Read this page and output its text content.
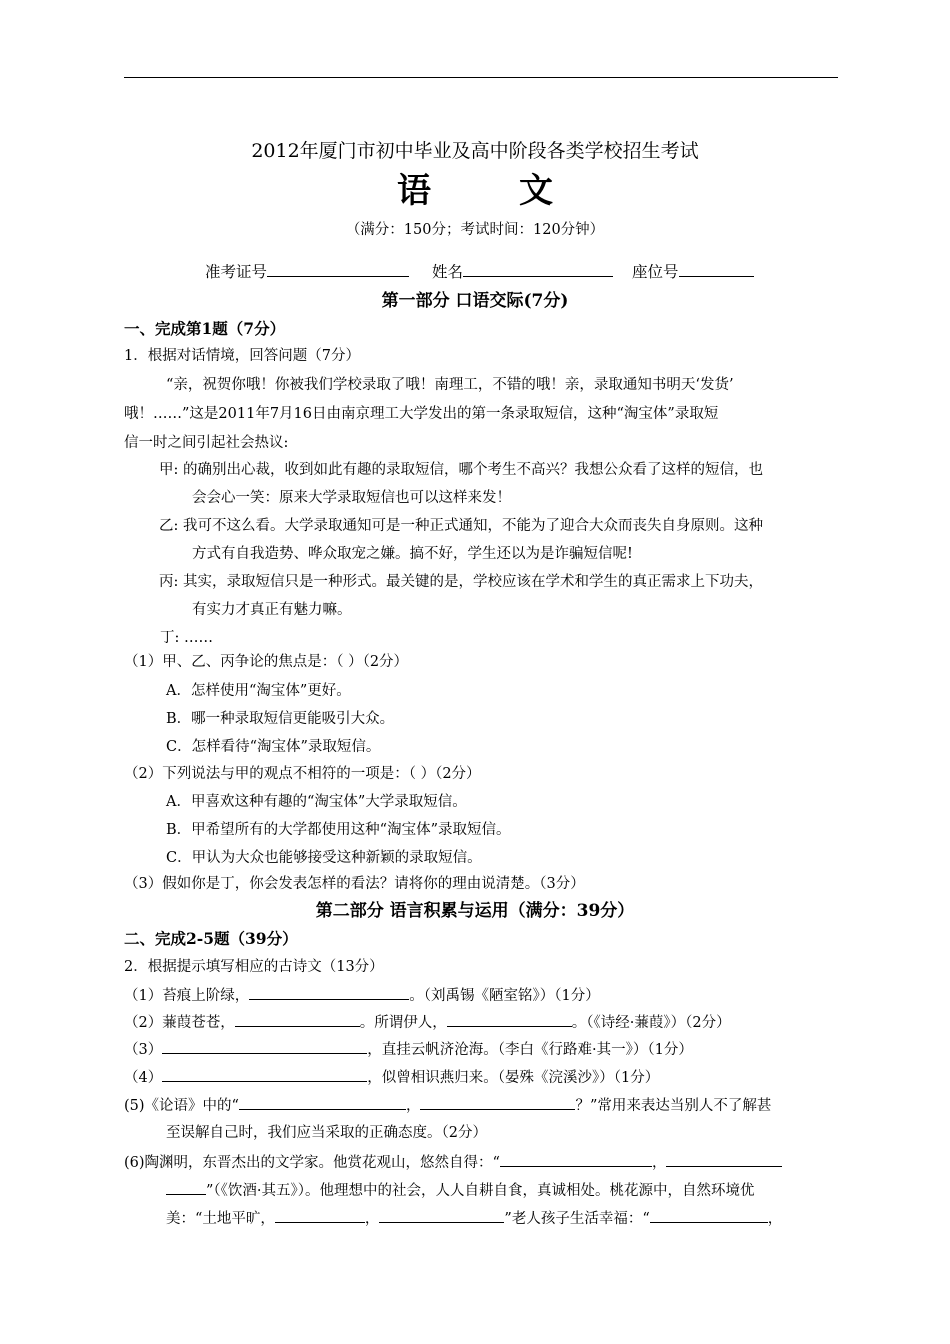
2012年厦门市初中毕业及高中阶段各类学校招生考试
语	文
（满分：150分；考试时间：120分钟）
准考证号	姓名	座位号
第一部分 口语交际(7分)
一、完成第1题（7分）
1．根据对话情境，回答问题（7分）
“亲，祝贺你哦！你被我们学校录取了哦！南理工，不错的哦！亲，录取通知书明天‘发货’
哦！……”这是2011年7月16日由南京理工大学发出的第一条录取短信，这种“淘宝体”录取短
信一时之间引起社会热议:
甲: 的确别出心裁，收到如此有趣的录取短信，哪个考生不高兴？我想公众看了这样的短信，也
会会心一笑：原来大学录取短信也可以这样来发！
乙: 我可不这么看。大学录取通知可是一种正式通知，不能为了迎合大众而丧失自身原则。这种
方式有自我造势、哗众取宠之嫌。搞不好，学生还以为是诈骗短信呢!
丙: 其实，录取短信只是一种形式。最关键的是，学校应该在学术和学生的真正需求上下功夫，
有实力才真正有魅力嘛。
丁: ……
（1）甲、乙、丙争论的焦点是：（ ）（2分）
A．怎样使用“淘宝体”更好。
B．哪一种录取短信更能吸引大众。
C．怎样看待“淘宝体”录取短信。
（2）下列说法与甲的观点不相符的一项是：（ ）（2分）
A．甲喜欢这种有趣的“淘宝体”大学录取短信。
B．甲希望所有的大学都使用这种“淘宝体”录取短信。
C．甲认为大众也能够接受这种新颖的录取短信。
（3）假如你是丁，你会发表怎样的看法？请将你的理由说清楚。（3分）
第二部分 语言积累与运用（满分：39分）
二、完成2-5题（39分）
2．根据提示填写相应的古诗文（13分）
（1）苔痕上阶绿，	。（刘禹锡《陋室铭》）（1分）
（2）蒹葭苍苍，	。所谓伊人，	。（《诗经·蒹葭》）（2分）
（3）	，直挂云帆济沧海。（李白《行路难·其一》）（1分）
（4）	，似曾相识燕归来。（晏殊《浣溪沙》）（1分）
(5)《论语》中的“	，	？”常用来表达当别人不了解甚
至误解自己时，我们应当采取的正确态度。（2分）
(6)陶渊明，东晋杰出的文学家。他赏花观山，悠然自得：“	，
”（《饮酒·其五》）。他理想中的社会，人人自耕自食，真诚相处。桃花源中，自然环境优
美：“土地平旷，	，	”老人孩子生活幸福：“	，
